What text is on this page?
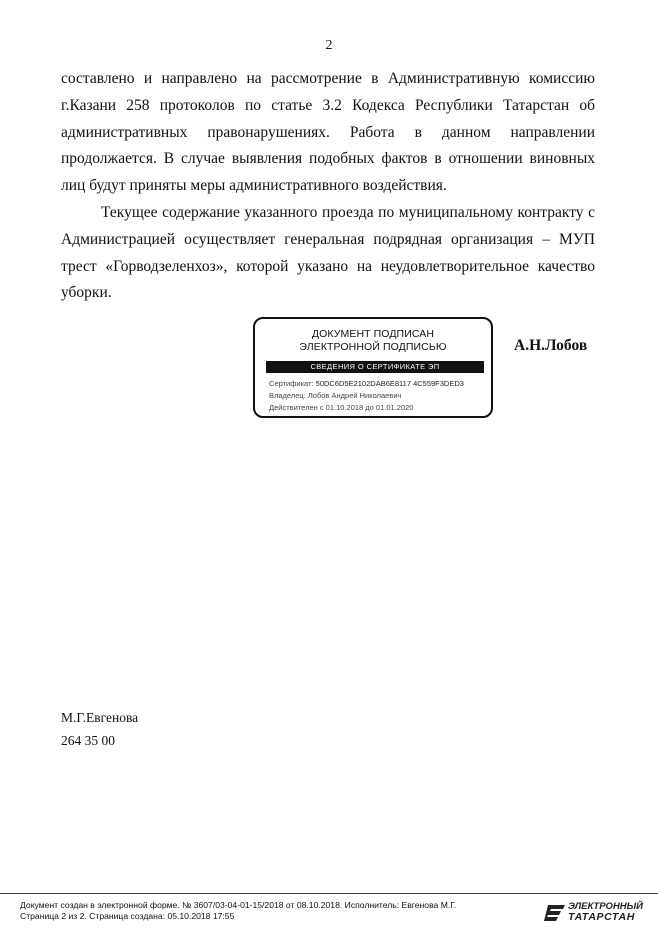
2

составлено и направлено на рассмотрение в Административную комиссию г.Казани 258 протоколов по статье 3.2 Кодекса Республики Татарстан об административных правонарушениях. Работа в данном направлении продолжается. В случае выявления подобных фактов в отношении виновных лиц будут приняты меры административного воздействия.

Текущее содержание указанного проезда по муниципальному контракту с Администрацией осуществляет генеральная подрядная организация – МУП трест «Горводзеленхоз», которой указано на неудовлетворительное качество уборки.

ДОКУМЕНТ ПОДПИСАН
ЭЛЕКТРОННОЙ ПОДПИСЬЮ
СВЕДЕНИЯ О СЕРТИФИКАТЕ ЭП
Сертификат: 50DC6D5E2102DAB6E8117 4C559F3DED3
Владелец: Лобов Андрей Николаевич
Действителен с 01.10.2018 до 01.01.2020
А.Н.Лобов
М.Г.Евгенова
264 35 00
Документ создан в электронной форме. № 3607/03-04-01-15/2018 от 08.10.2018. Исполнитель: Евгенова М.Г.
Страница 2 из 2. Страница создана: 05.10.2018 17:55
ЭЛЕКТРОННЫЙ
ТАТАРСТАН
